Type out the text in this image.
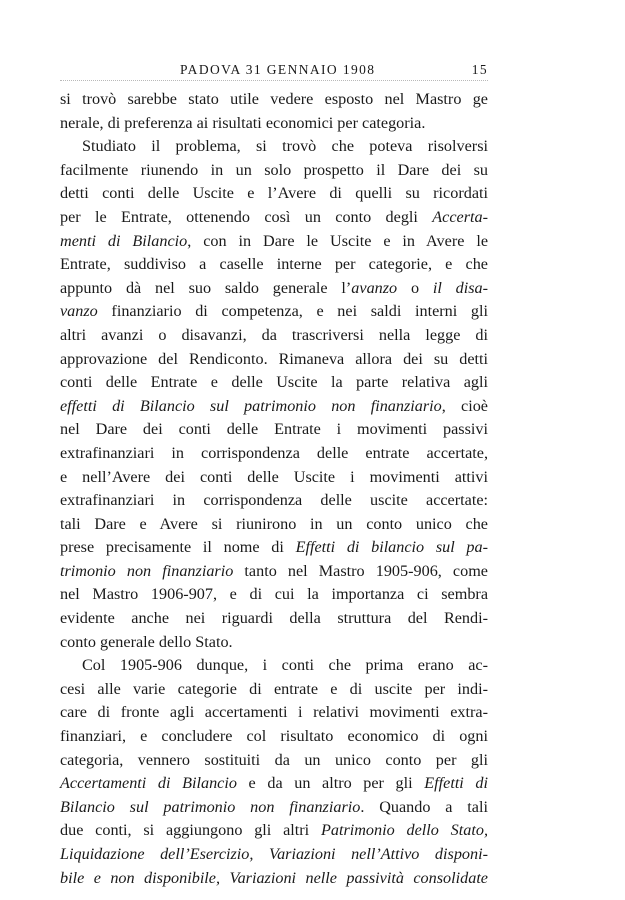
PADOVA 31 GENNAIO 1908	15
si trovò sarebbe stato utile vedere esposto nel Mastro ge
nerale, di preferenza ai risultati economici per categoria.
Studiato il problema, si trovò che poteva risolversi
facilmente riunendo in un solo prospetto il Dare dei su
detti conti delle Uscite e l’Avere di quelli su ricordati
per le Entrate, ottenendo così un conto degli Accerta-
menti di Bilancio, con in Dare le Uscite e in Avere le
Entrate, suddiviso a caselle interne per categorie, e che
appunto dà nel suo saldo generale l’avanzo o il disa-
vanzo finanziario di competenza, e nei saldi interni gli
altri avanzi o disavanzi, da trascriversi nella legge di
approvazione del Rendiconto. Rimaneva allora dei su detti
conti delle Entrate e delle Uscite la parte relativa agli
effetti di Bilancio sul patrimonio non finanziario, cioè
nel Dare dei conti delle Entrate i movimenti passivi
extrafinanziari in corrispondenza delle entrate accertate,
e nell’Avere dei conti delle Uscite i movimenti attivi
extrafinanziari in corrispondenza delle uscite accertate:
tali Dare e Avere si riunirono in un conto unico che
prese precisamente il nome di Effetti di bilancio sul pa-
trimonio non finanziario tanto nel Mastro 1905-906, come
nel Mastro 1906-907, e di cui la importanza ci sembra
evidente anche nei riguardi della struttura del Rendi-
conto generale dello Stato.
Col 1905-906 dunque, i conti che prima erano ac-
cesi alle varie categorie di entrate e di uscite per indi-
care di fronte agli accertamenti i relativi movimenti extra-
finanziari, e concludere col risultato economico di ogni
categoria, vennero sostituiti da un unico conto per gli
Accertamenti di Bilancio e da un altro per gli Effetti di
Bilancio sul patrimonio non finanziario. Quando a tali
due conti, si aggiungono gli altri Patrimonio dello Stato,
Liquidazione dell’Esercizio, Variazioni nell’Attivo disponi-
bile e non disponibile, Variazioni nelle passività consolidate
